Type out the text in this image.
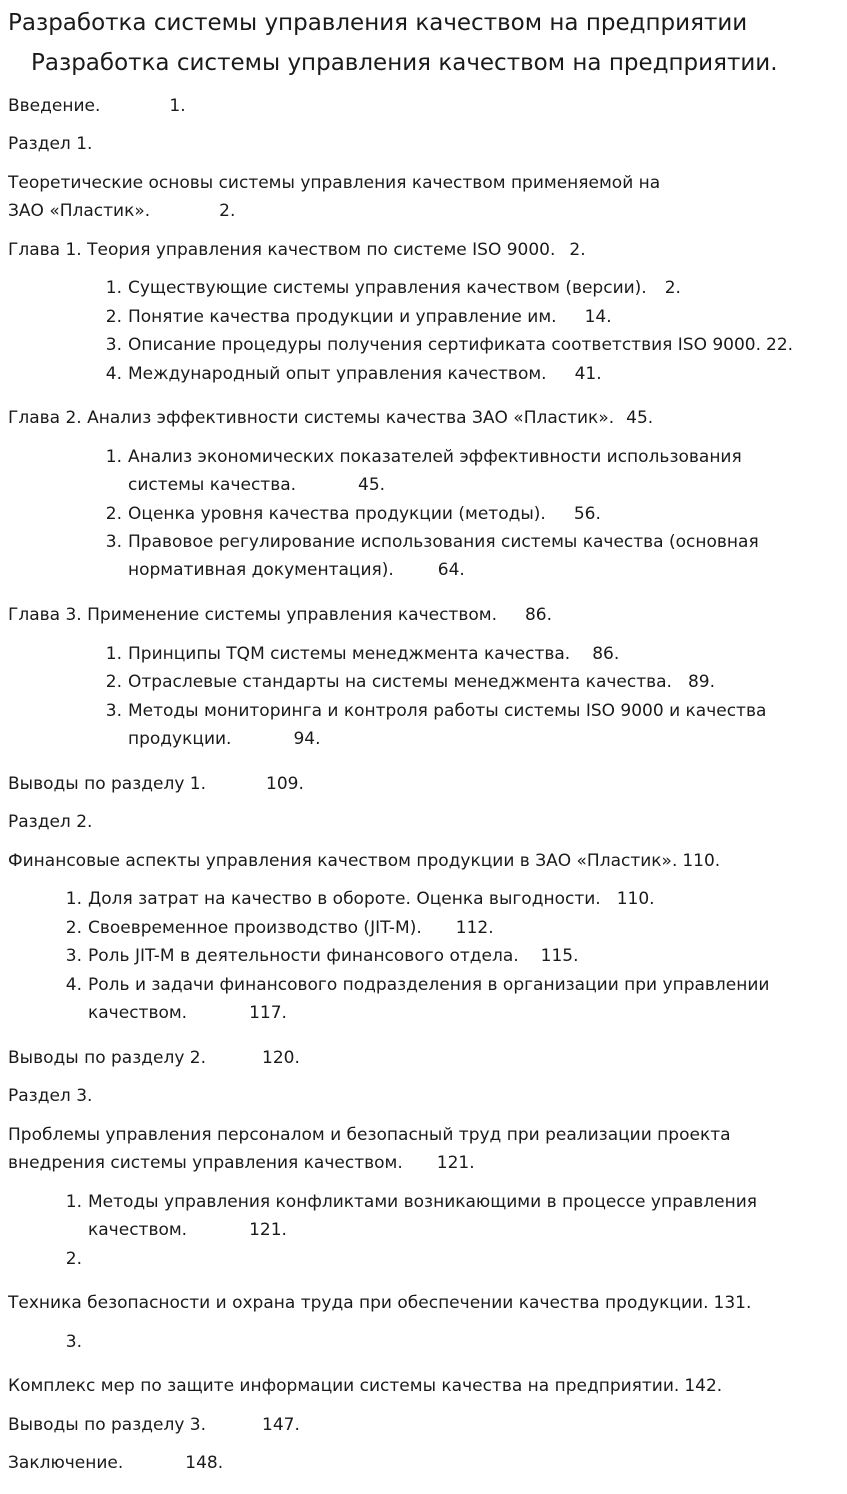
Разработка системы управления качеством на предприятии
Разработка системы управления качеством на предприятии.
Введение.	1.
Раздел 1.
Теоретические основы системы управления качеством применяемой на
ЗАО «Пластик».	2.
Глава 1. Теория управления качеством по системе ISO 9000. 2.
1. Существующие системы управления качеством (версии). 2.
2. Понятие качества продукции и управление им. 14.
3. Описание процедуры получения сертификата соответствия ISO 9000. 22.
4. Международный опыт управления качеством. 41.
Глава 2. Анализ эффективности системы качества ЗАО «Пластик». 45.
1. Анализ экономических показателей эффективности использования
системы качества.	45.
2. Оценка уровня качества продукции (методы). 56.
3. Правовое регулирование использования системы качества (основная
нормативная документация).	64.
Глава 3. Применение системы управления качеством. 86.
1. Принципы TQM системы менеджмента качества. 86.
2. Отраслевые стандарты на системы менеджмента качества. 89.
3. Методы мониторинга и контроля работы системы ISO 9000 и качества
продукции.	94.
Выводы по разделу 1.	109.
Раздел 2.
Финансовые аспекты управления качеством продукции в ЗАО «Пластик». 110.
1. Доля затрат на качество в обороте. Оценка выгодности. 110.
2. Своевременное производство (JIT-M). 112.
3. Роль JIT-M в деятельности финансового отдела. 115.
4. Роль и задачи финансового подразделения в организации при управлении
качеством.	117.
Выводы по разделу 2.	120.
Раздел 3.
Проблемы управления персоналом и безопасный труд при реализации проекта
внедрения системы управления качеством. 121.
1. Методы управления конфликтами возникающими в процессе управления
качеством.	121.
2.
Техника безопасности и охрана труда при обеспечении качества продукции. 131.
3.
Комплекс мер по защите информации системы качества на предприятии. 142.
Выводы по разделу 3.	147.
Заключение.	148.
